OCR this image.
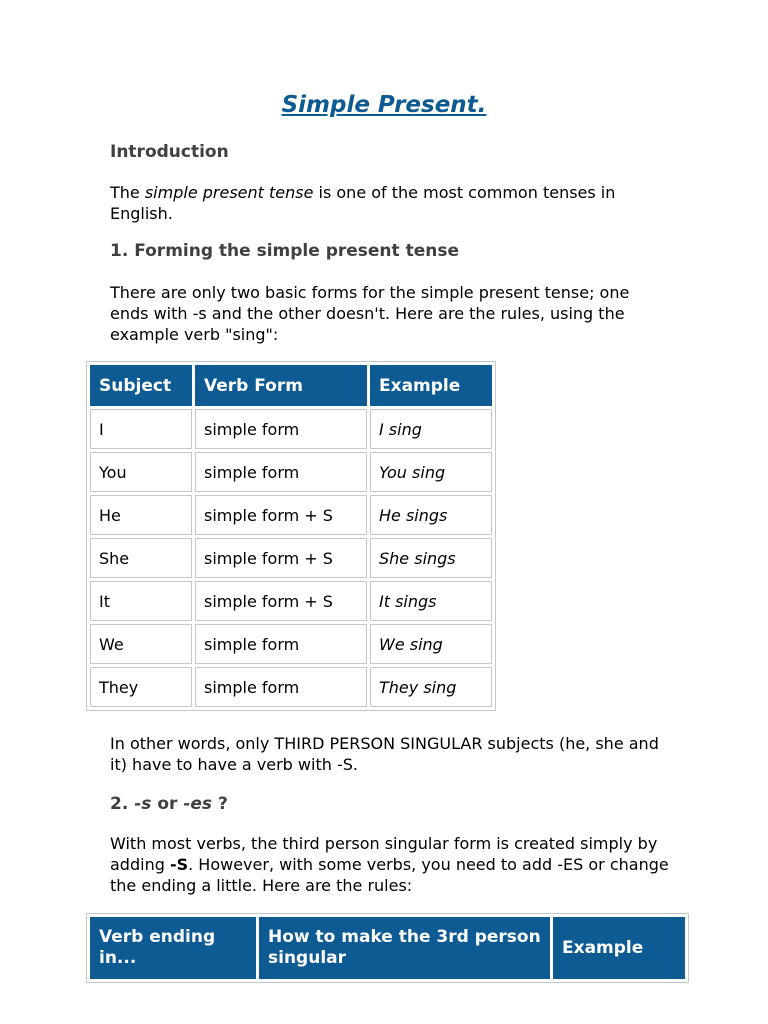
Simple Present.

Introduction

The simple present tense is one of the most common tenses in English.

1. Forming the simple present tense

There are only two basic forms for the simple present tense; one ends with -s and the other doesn't. Here are the rules, using the example verb "sing":

Subject	Verb Form	Example
I	simple form	I sing
You	simple form	You sing
He	simple form + S	He sings
She	simple form + S	She sings
It	simple form + S	It sings
We	simple form	We sing
They	simple form	They sing

In other words, only THIRD PERSON SINGULAR subjects (he, she and it) have to have a verb with -S.

2. -s or -es ?

With most verbs, the third person singular form is created simply by adding -S. However, with some verbs, you need to add -ES or change the ending a little. Here are the rules:

Verb ending in...	How to make the 3rd person singular	Example
